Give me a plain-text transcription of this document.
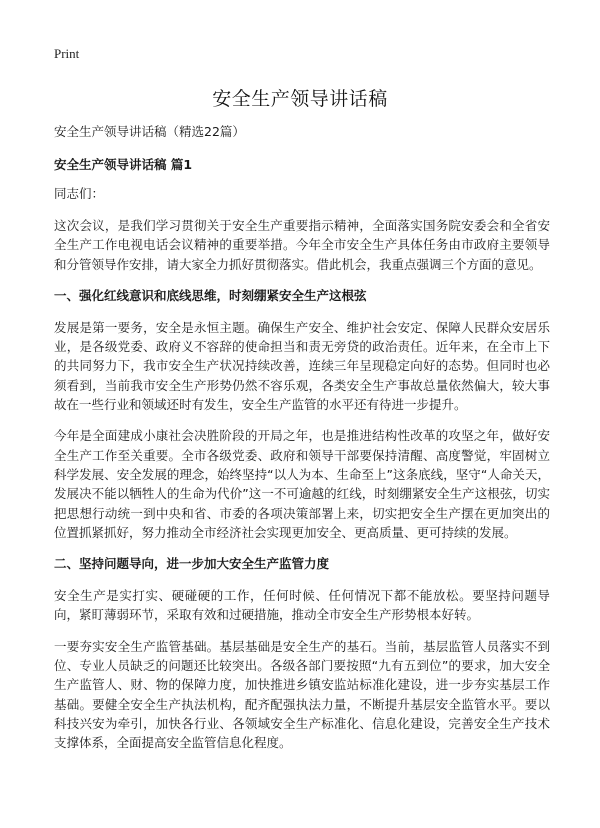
Print
安全生产领导讲话稿
安全生产领导讲话稿（精选22篇）
安全生产领导讲话稿 篇1
同志们：

这次会议，是我们学习贯彻关于安全生产重要指示精神，全面落实国务院安委会和全省安全生产工作电视电话会议精神的重要举措。今年全市安全生产具体任务由市政府主要领导和分管领导作安排，请大家全力抓好贯彻落实。借此机会，我重点强调三个方面的意见。

一、强化红线意识和底线思维，时刻绷紧安全生产这根弦

发展是第一要务，安全是永恒主题。确保生产安全、维护社会安定、保障人民群众安居乐业，是各级党委、政府义不容辞的使命担当和责无旁贷的政治责任。近年来，在全市上下的共同努力下，我市安全生产状况持续改善，连续三年呈现稳定向好的态势。但同时也必须看到，当前我市安全生产形势仍然不容乐观，各类安全生产事故总量依然偏大，较大事故在一些行业和领域还时有发生，安全生产监管的水平还有待进一步提升。

今年是全面建成小康社会决胜阶段的开局之年，也是推进结构性改革的攻坚之年，做好安全生产工作至关重要。全市各级党委、政府和领导干部要保持清醒、高度警觉，牢固树立科学发展、安全发展的理念，始终坚持“以人为本、生命至上”这条底线，坚守“人命关天，发展决不能以牺牲人的生命为代价”这一不可逾越的红线，时刻绷紧安全生产这根弦，切实把思想行动统一到中央和省、市委的各项决策部署上来，切实把安全生产摆在更加突出的位置抓紧抓好，努力推动全市经济社会实现更加安全、更高质量、更可持续的发展。

二、坚持问题导向，进一步加大安全生产监管力度

安全生产是实打实、硬碰硬的工作，任何时候、任何情况下都不能放松。要坚持问题导向，紧盯薄弱环节，采取有效和过硬措施，推动全市安全生产形势根本好转。

一要夯实安全生产监管基础。基层基础是安全生产的基石。当前，基层监管人员落实不到位、专业人员缺乏的问题还比较突出。各级各部门要按照“九有五到位”的要求，加大安全生产监管人、财、物的保障力度，加快推进乡镇安监站标准化建设，进一步夯实基层工作基础。要健全安全生产执法机构，配齐配强执法力量，不断提升基层安全监管水平。要以科技兴安为牵引，加快各行业、各领域安全生产标准化、信息化建设，完善安全生产技术支撑体系，全面提高安全监管信息化程度。
